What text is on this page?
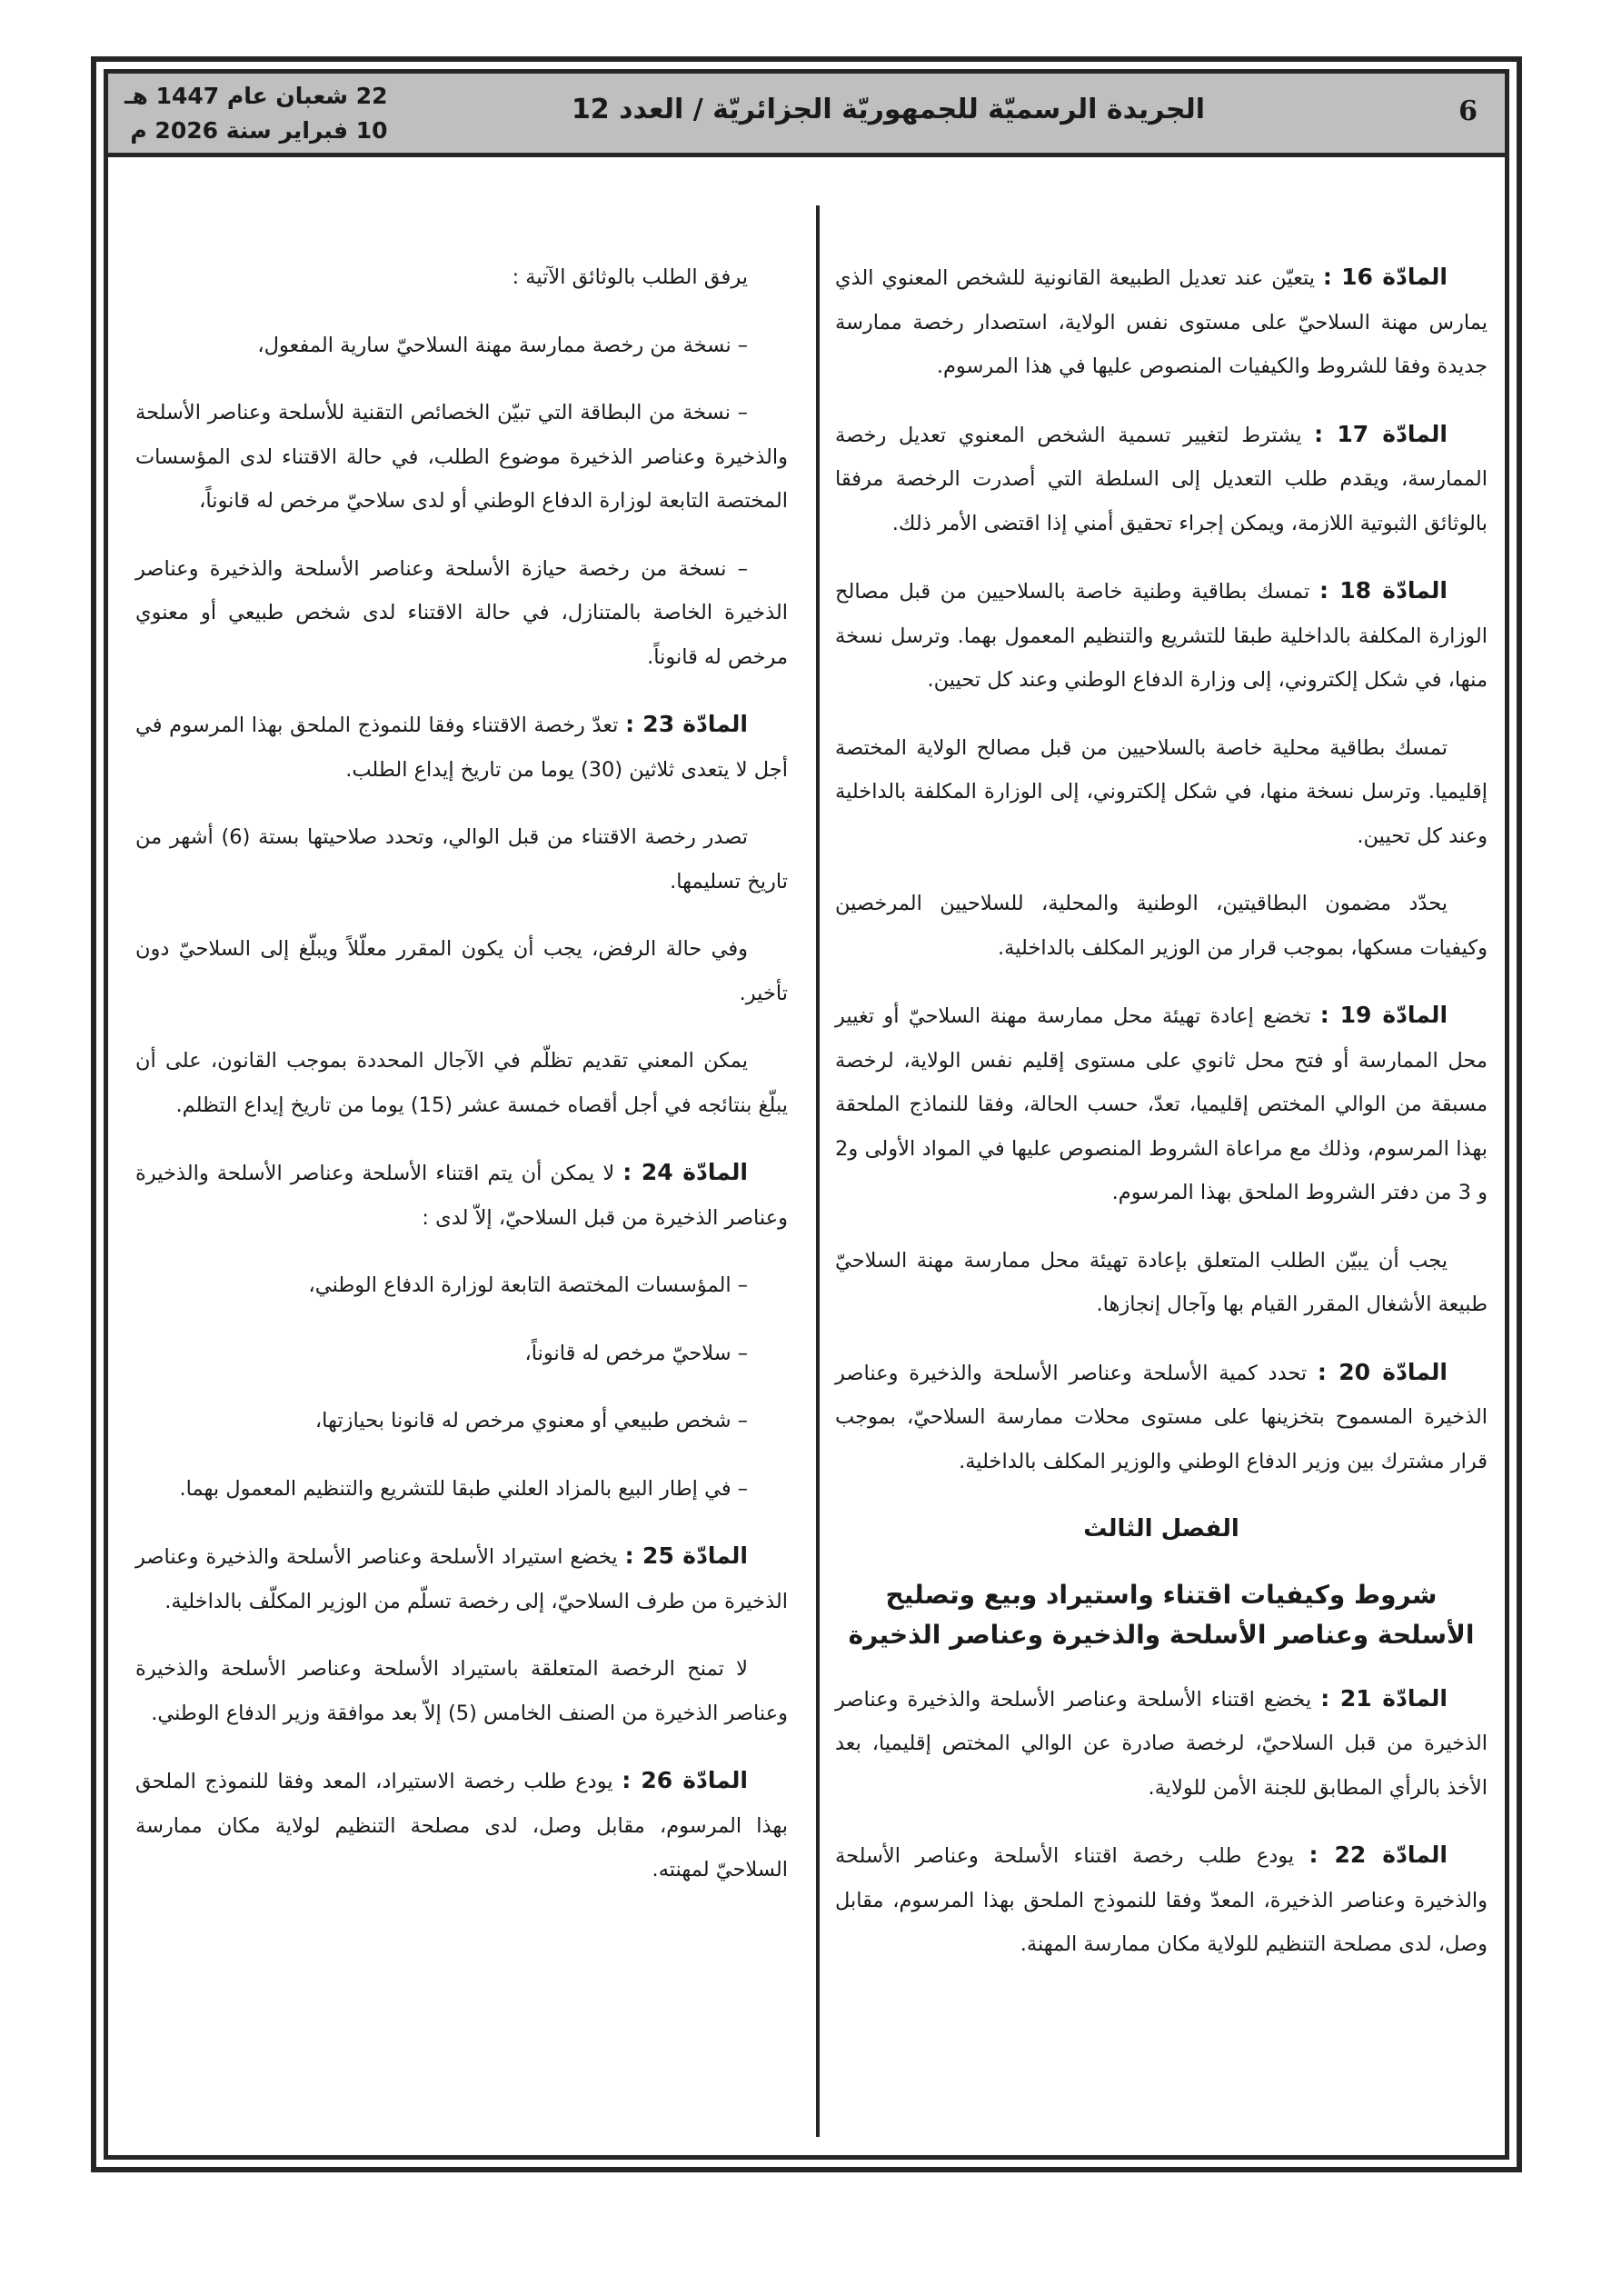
6
الجريدة الرسميّة للجمهوريّة الجزائريّة / العدد 12
22 شعبان عام 1447 هـ
10 فبراير سنة 2026 م

المادّة 16 : يتعيّن عند تعديل الطبيعة القانونية للشخص المعنوي الذي يمارس مهنة السلاحيّ على مستوى نفس الولاية، استصدار رخصة ممارسة جديدة وفقا للشروط والكيفيات المنصوص عليها في هذا المرسوم.

المادّة 17 : يشترط لتغيير تسمية الشخص المعنوي تعديل رخصة الممارسة، ويقدم طلب التعديل إلى السلطة التي أصدرت الرخصة مرفقا بالوثائق الثبوتية اللازمة، ويمكن إجراء تحقيق أمني إذا اقتضى الأمر ذلك.

المادّة 18 : تمسك بطاقية وطنية خاصة بالسلاحيين من قبل مصالح الوزارة المكلفة بالداخلية طبقا للتشريع والتنظيم المعمول بهما. وترسل نسخة منها، في شكل إلكتروني، إلى وزارة الدفاع الوطني وعند كل تحيين.

تمسك بطاقية محلية خاصة بالسلاحيين من قبل مصالح الولاية المختصة إقليميا. وترسل نسخة منها، في شكل إلكتروني، إلى الوزارة المكلفة بالداخلية وعند كل تحيين.

يحدّد مضمون البطاقيتين، الوطنية والمحلية، للسلاحيين المرخصين وكيفيات مسكها، بموجب قرار من الوزير المكلف بالداخلية.

المادّة 19 : تخضع إعادة تهيئة محل ممارسة مهنة السلاحيّ أو تغيير محل الممارسة أو فتح محل ثانوي على مستوى إقليم نفس الولاية، لرخصة مسبقة من الوالي المختص إقليميا، تعدّ، حسب الحالة، وفقا للنماذج الملحقة بهذا المرسوم، وذلك مع مراعاة الشروط المنصوص عليها في المواد الأولى و2 و 3 من دفتر الشروط الملحق بهذا المرسوم.

يجب أن يبيّن الطلب المتعلق بإعادة تهيئة محل ممارسة مهنة السلاحيّ طبيعة الأشغال المقرر القيام بها وآجال إنجازها.

المادّة 20 : تحدد كمية الأسلحة وعناصر الأسلحة والذخيرة وعناصر الذخيرة المسموح بتخزينها على مستوى محلات ممارسة السلاحيّ، بموجب قرار مشترك بين وزير الدفاع الوطني والوزير المكلف بالداخلية.

الفصل الثالث

شروط وكيفيات اقتناء واستيراد وبيع وتصليح الأسلحة وعناصر الأسلحة والذخيرة وعناصر الذخيرة

المادّة 21 : يخضع اقتناء الأسلحة وعناصر الأسلحة والذخيرة وعناصر الذخيرة من قبل السلاحيّ، لرخصة صادرة عن الوالي المختص إقليميا، بعد الأخذ بالرأي المطابق للجنة الأمن للولاية.

المادّة 22 : يودع طلب رخصة اقتناء الأسلحة وعناصر الأسلحة والذخيرة وعناصر الذخيرة، المعدّ وفقا للنموذج الملحق بهذا المرسوم، مقابل وصل، لدى مصلحة التنظيم للولاية مكان ممارسة المهنة.

يرفق الطلب بالوثائق الآتية :

– نسخة من رخصة ممارسة مهنة السلاحيّ سارية المفعول،

– نسخة من البطاقة التي تبيّن الخصائص التقنية للأسلحة وعناصر الأسلحة والذخيرة وعناصر الذخيرة موضوع الطلب، في حالة الاقتناء لدى المؤسسات المختصة التابعة لوزارة الدفاع الوطني أو لدى سلاحيّ مرخص له قانوناً،

– نسخة من رخصة حيازة الأسلحة وعناصر الأسلحة والذخيرة وعناصر الذخيرة الخاصة بالمتنازل، في حالة الاقتناء لدى شخص طبيعي أو معنوي مرخص له قانوناً.

المادّة 23 : تعدّ رخصة الاقتناء وفقا للنموذج الملحق بهذا المرسوم في أجل لا يتعدى ثلاثين (30) يوما من تاريخ إيداع الطلب.

تصدر رخصة الاقتناء من قبل الوالي، وتحدد صلاحيتها بستة (6) أشهر من تاريخ تسليمها.

وفي حالة الرفض، يجب أن يكون المقرر معلّلاً ويبلّغ إلى السلاحيّ دون تأخير.

يمكن المعني تقديم تظلّم في الآجال المحددة بموجب القانون، على أن يبلّغ بنتائجه في أجل أقصاه خمسة عشر (15) يوما من تاريخ إيداع التظلم.

المادّة 24 : لا يمكن أن يتم اقتناء الأسلحة وعناصر الأسلحة والذخيرة وعناصر الذخيرة من قبل السلاحيّ، إلاّ لدى :

– المؤسسات المختصة التابعة لوزارة الدفاع الوطني،

– سلاحيّ مرخص له قانوناً،

– شخص طبيعي أو معنوي مرخص له قانونا بحيازتها،

– في إطار البيع بالمزاد العلني طبقا للتشريع والتنظيم المعمول بهما.

المادّة 25 : يخضع استيراد الأسلحة وعناصر الأسلحة والذخيرة وعناصر الذخيرة من طرف السلاحيّ، إلى رخصة تسلّم من الوزير المكلّف بالداخلية.

لا تمنح الرخصة المتعلقة باستيراد الأسلحة وعناصر الأسلحة والذخيرة وعناصر الذخيرة من الصنف الخامس (5) إلاّ بعد موافقة وزير الدفاع الوطني.

المادّة 26 : يودع طلب رخصة الاستيراد، المعد وفقا للنموذج الملحق بهذا المرسوم، مقابل وصل، لدى مصلحة التنظيم لولاية مكان ممارسة السلاحيّ لمهنته.
